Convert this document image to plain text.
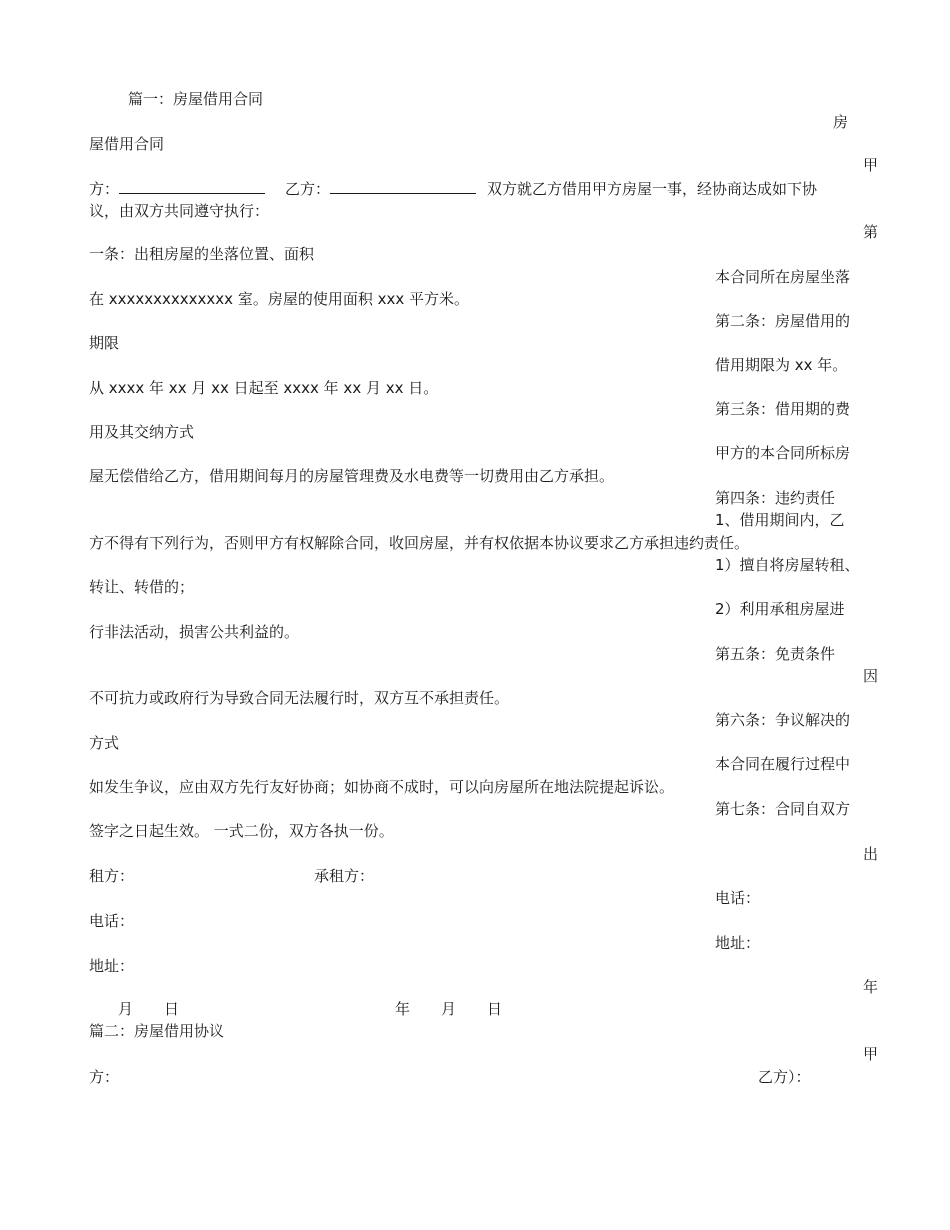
篇一：房屋借用合同
房
屋借用合同
甲
方：	乙方：	双方就乙方借用甲方房屋一事，经协商达成如下协
议，由双方共同遵守执行：
第
一条：出租房屋的坐落位置、面积
本合同所在房屋坐落
在 xxxxxxxxxxxxxx 室。房屋的使用面积 xxx 平方米。
第二条：房屋借用的
期限
借用期限为 xx 年。
从 xxxx 年 xx 月 xx 日起至 xxxx 年 xx 月 xx 日。
第三条：借用期的费
用及其交纳方式
甲方的本合同所标房
屋无偿借给乙方，借用期间每月的房屋管理费及水电费等一切费用由乙方承担。
第四条：违约责任
1、借用期间内，乙
方不得有下列行为，否则甲方有权解除合同，收回房屋，并有权依据本协议要求乙方承担违约责任。
1）擅自将房屋转租、
转让、转借的；
2）利用承租房屋进
行非法活动，损害公共利益的。
第五条：免责条件
因
不可抗力或政府行为导致合同无法履行时，双方互不承担责任。
第六条：争议解决的
方式
本合同在履行过程中
如发生争议，应由双方先行友好协商；如协商不成时，可以向房屋所在地法院提起诉讼。
第七条：合同自双方
签字之日起生效。 一式二份，双方各执一份。
出
租方：	承租方：
电话：
电话：
地址：
地址：
年
月 日	年 月 日
篇二：房屋借用协议
甲
方：	乙方）：
